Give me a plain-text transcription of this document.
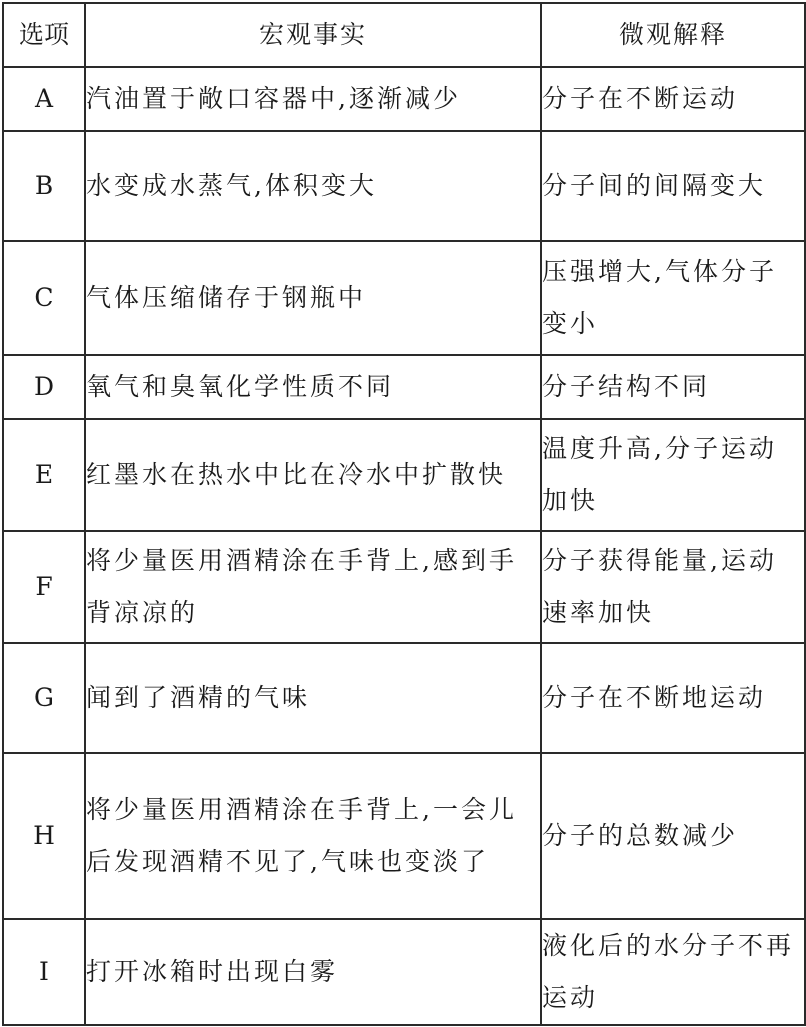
选项	宏观事实	微观解释
A	汽油置于敞口容器中,逐渐减少	分子在不断运动

B	水变成水蒸气,体积变大	分子间的间隔变大

C	气体压缩储存于钢瓶中	压强增大,气体分子变小

D	氧气和臭氧化学性质不同	分子结构不同

E	红墨水在热水中比在冷水中扩散快	温度升高,分子运动加快

F	将少量医用酒精涂在手背上,感到手背凉凉的	分子获得能量,运动速率加快

G	闻到了酒精的气味	分子在不断地运动

H	将少量医用酒精涂在手背上,一会儿后发现酒精不见了,气味也变淡了	分子的总数减少

I	打开冰箱时出现白雾	液化后的水分子不再运动
